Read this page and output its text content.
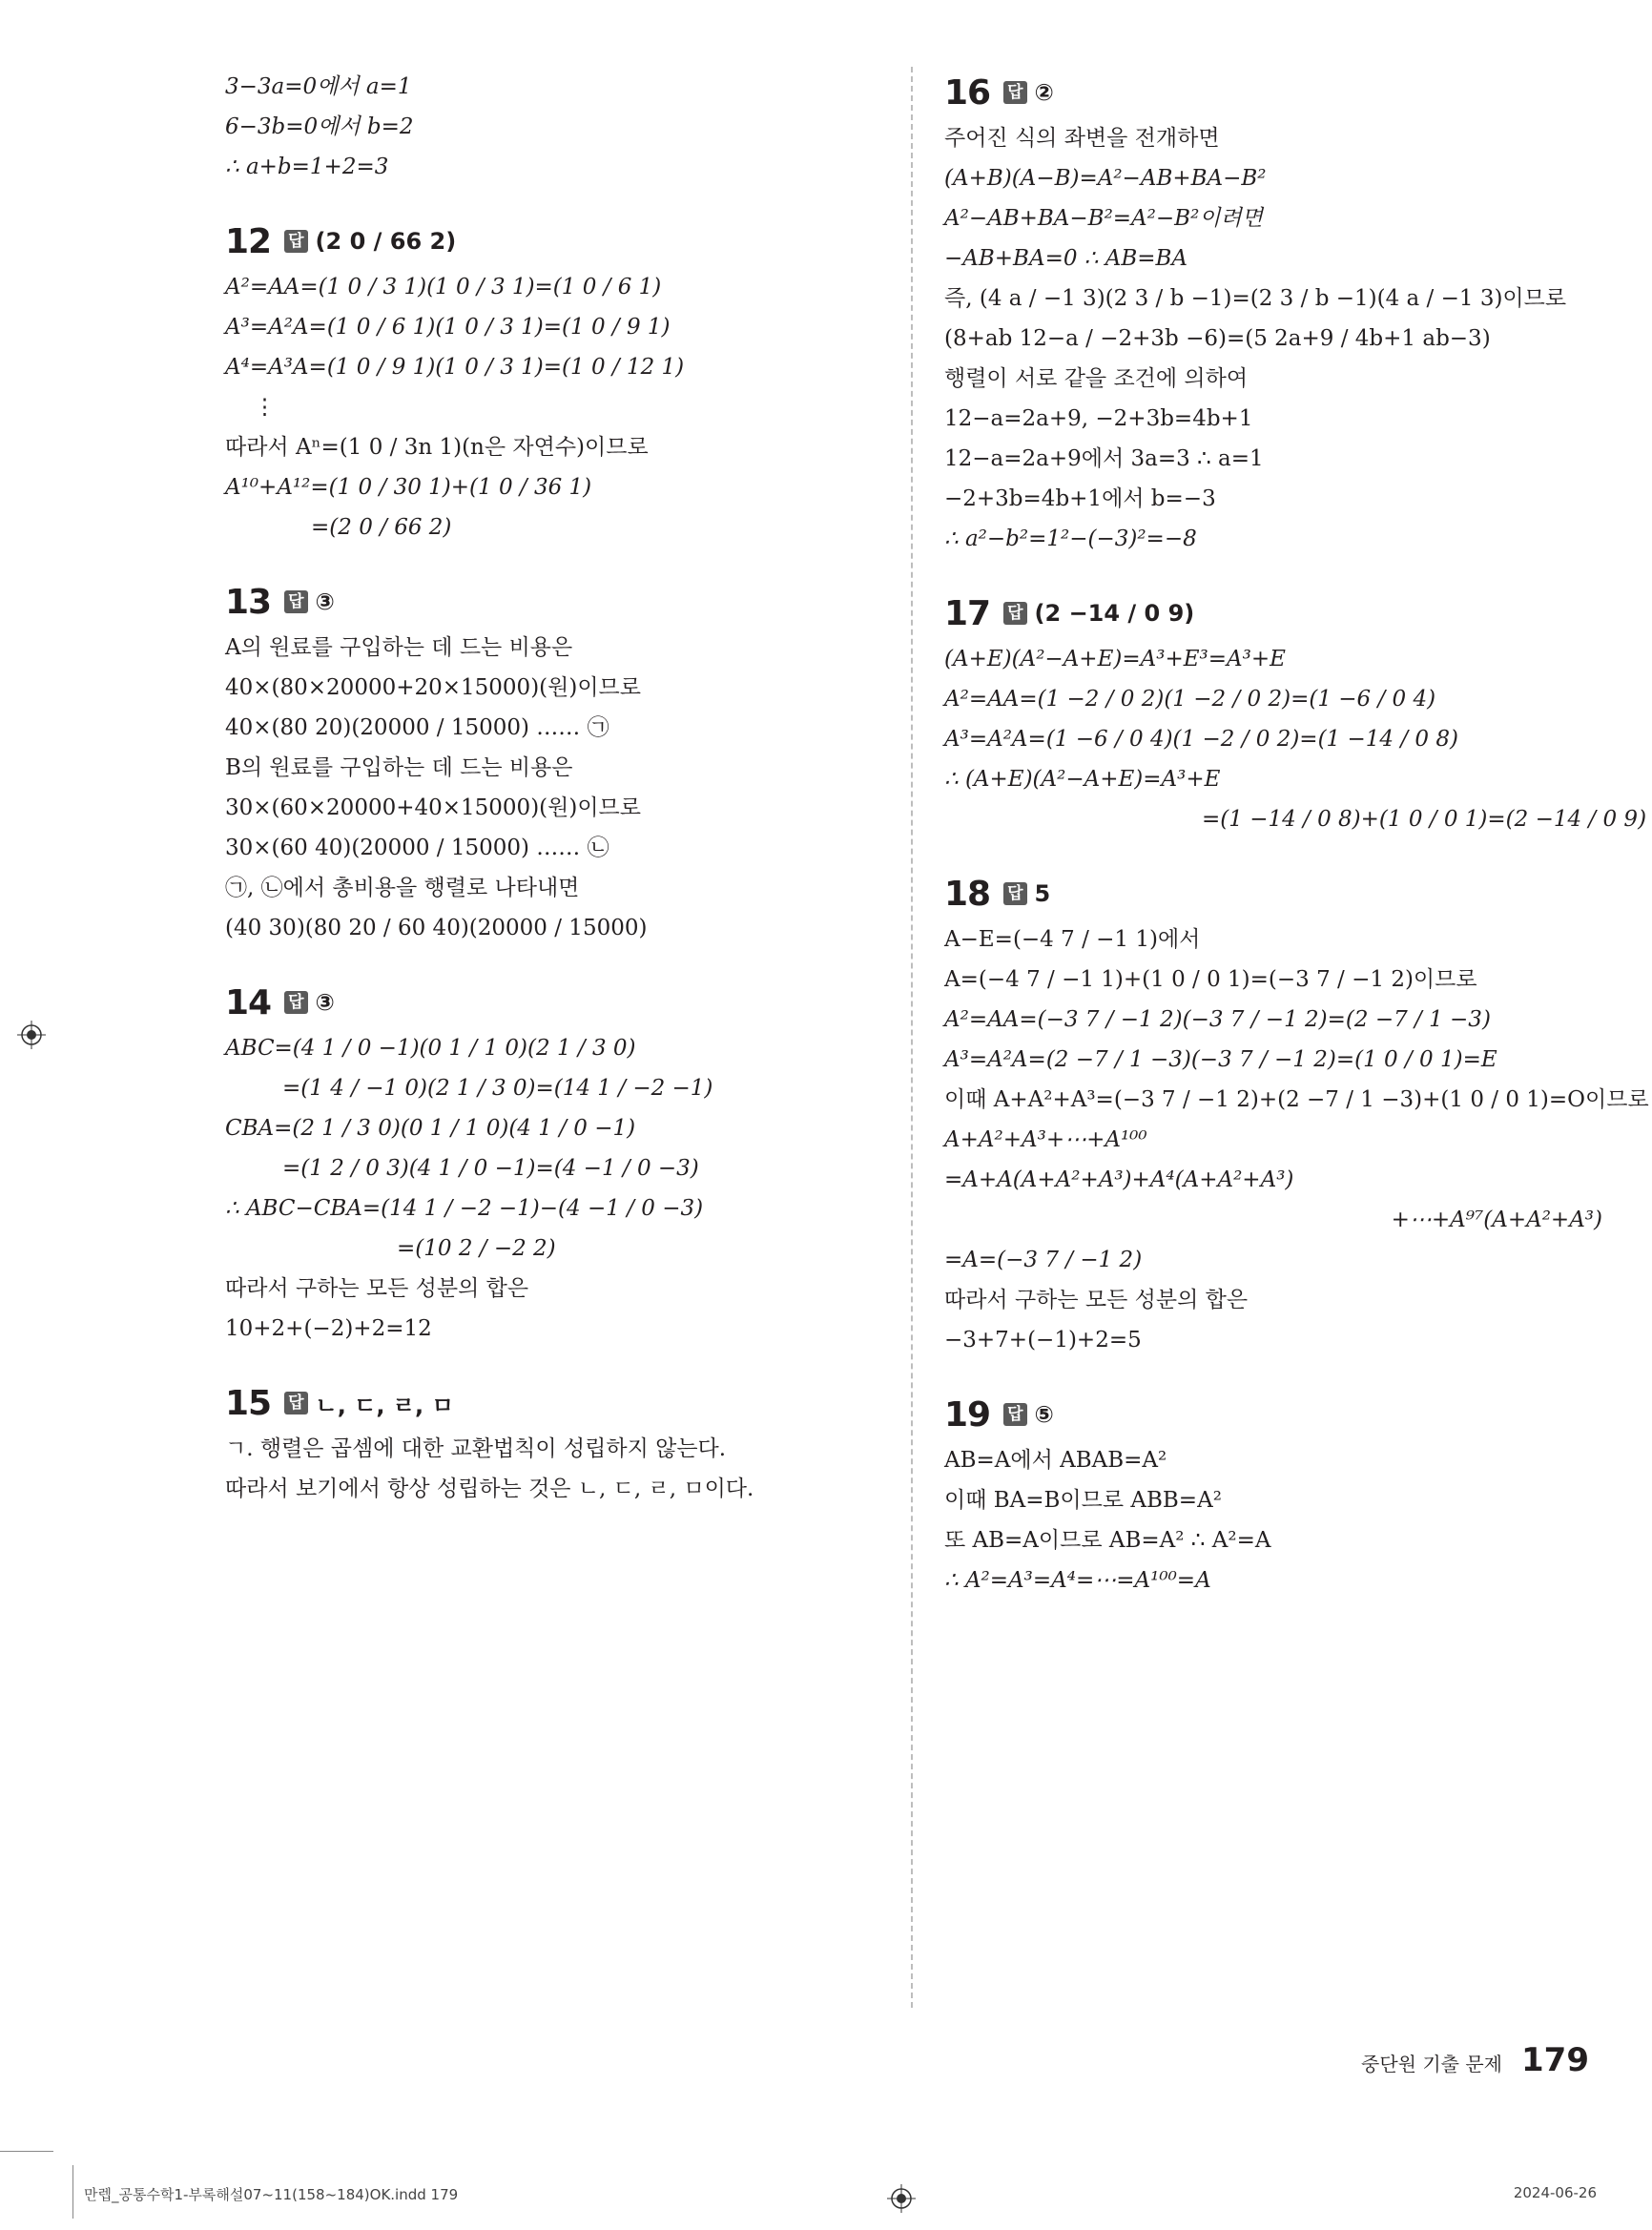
3−3a=0에서 a=1
6−3b=0에서 b=2
∴ a+b=1+2=3
12 답 (2 0 / 66 2)
A²=AA=(1 0 / 3 1)(1 0 / 3 1)=(1 0 / 6 1)
A³=A²A=(1 0 / 6 1)(1 0 / 3 1)=(1 0 / 9 1)
A⁴=A³A=(1 0 / 9 1)(1 0 / 3 1)=(1 0 / 12 1)
⋮
따라서 Aⁿ=(1 0 / 3n 1)(n은 자연수)이므로
A¹⁰+A¹²=(1 0 / 30 1)+(1 0 / 36 1)
=(2 0 / 66 2)
13 답 ③
A의 원료를 구입하는 데 드는 비용은
40×(80×20000+20×15000)(원)이므로
40×(80 20)(20000 / 15000) …… ㉠
B의 원료를 구입하는 데 드는 비용은
30×(60×20000+40×15000)(원)이므로
30×(60 40)(20000 / 15000) …… ㉡
㉠, ㉡에서 총비용을 행렬로 나타내면
(40 30)(80 20 / 60 40)(20000 / 15000)
14 답 ③
ABC=(4 1 / 0 −1)(0 1 / 1 0)(2 1 / 3 0)
=(1 4 / −1 0)(2 1 / 3 0)=(14 1 / −2 −1)
CBA=(2 1 / 3 0)(0 1 / 1 0)(4 1 / 0 −1)
=(1 2 / 0 3)(4 1 / 0 −1)=(4 −1 / 0 −3)
∴ ABC−CBA=(14 1 / −2 −1)−(4 −1 / 0 −3)
=(10 2 / −2 2)
따라서 구하는 모든 성분의 합은
10+2+(−2)+2=12
15 답 ㄴ, ㄷ, ㄹ, ㅁ
ㄱ. 행렬은 곱셈에 대한 교환법칙이 성립하지 않는다.
따라서 보기에서 항상 성립하는 것은 ㄴ, ㄷ, ㄹ, ㅁ이다.
16 답 ②
주어진 식의 좌변을 전개하면
(A+B)(A−B)=A²−AB+BA−B²
A²−AB+BA−B²=A²−B²이려면
−AB+BA=0 ∴ AB=BA
즉, (4 a / −1 3)(2 3 / b −1)=(2 3 / b −1)(4 a / −1 3)이므로
(8+ab 12−a / −2+3b −6)=(5 2a+9 / 4b+1 ab−3)
행렬이 서로 같을 조건에 의하여
12−a=2a+9, −2+3b=4b+1
12−a=2a+9에서 3a=3 ∴ a=1
−2+3b=4b+1에서 b=−3
∴ a²−b²=1²−(−3)²=−8
17 답 (2 −14 / 0 9)
(A+E)(A²−A+E)=A³+E³=A³+E
A²=AA=(1 −2 / 0 2)(1 −2 / 0 2)=(1 −6 / 0 4)
A³=A²A=(1 −6 / 0 4)(1 −2 / 0 2)=(1 −14 / 0 8)
∴ (A+E)(A²−A+E)=A³+E
=(1 −14 / 0 8)+(1 0 / 0 1)=(2 −14 / 0 9)
18 답 5
A−E=(−4 7 / −1 1)에서
A=(−4 7 / −1 1)+(1 0 / 0 1)=(−3 7 / −1 2)이므로
A²=AA=(−3 7 / −1 2)(−3 7 / −1 2)=(2 −7 / 1 −3)
A³=A²A=(2 −7 / 1 −3)(−3 7 / −1 2)=(1 0 / 0 1)=E
이때 A+A²+A³=(−3 7 / −1 2)+(2 −7 / 1 −3)+(1 0 / 0 1)=O이므로
A+A²+A³+⋯+A¹⁰⁰
=A+A(A+A²+A³)+A⁴(A+A²+A³)
+⋯+A⁹⁷(A+A²+A³)
=A=(−3 7 / −1 2)
따라서 구하는 모든 성분의 합은
−3+7+(−1)+2=5
19 답 ⑤
AB=A에서 ABAB=A²
이때 BA=B이므로 ABB=A²
또 AB=A이므로 AB=A² ∴ A²=A
∴ A²=A³=A⁴=⋯=A¹⁰⁰=A
중단원 기출 문제 179
만렙_공통수학1-부록해설07~11(158~184)OK.indd 179	2024-06-26
